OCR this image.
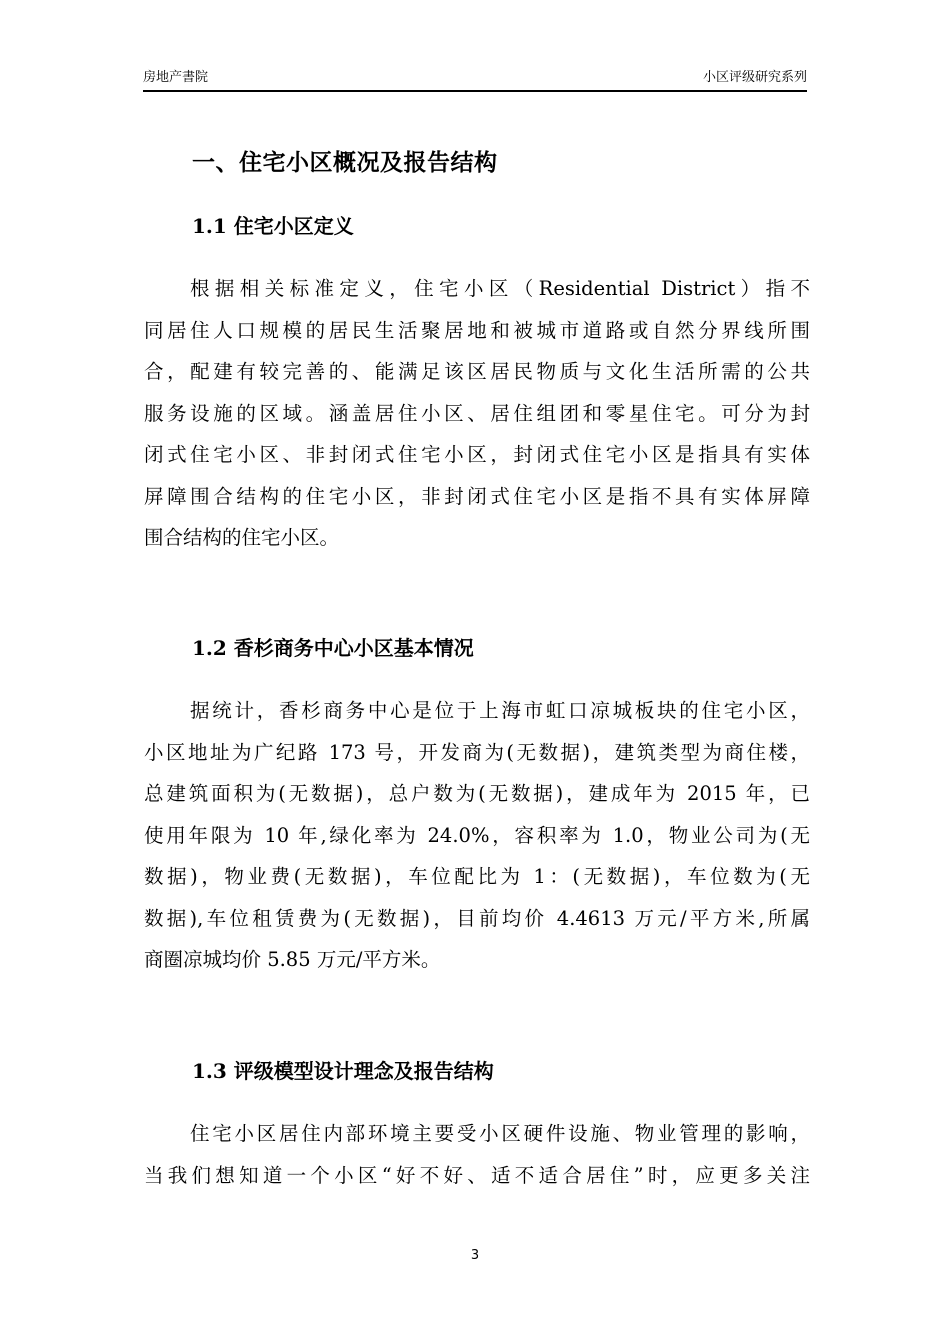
房地产書院	小区评级研究系列
一、住宅小区概况及报告结构
1.1 住宅小区定义
根据相关标准定义，住宅小区（Residential District）指不
同居住人口规模的居民生活聚居地和被城市道路或自然分界线所围
合，配建有较完善的、能满足该区居民物质与文化生活所需的公共
服务设施的区域。涵盖居住小区、居住组团和零星住宅。可分为封
闭式住宅小区、非封闭式住宅小区，封闭式住宅小区是指具有实体
屏障围合结构的住宅小区，非封闭式住宅小区是指不具有实体屏障
围合结构的住宅小区。
1.2 香杉商务中心小区基本情况
据统计，香杉商务中心是位于上海市虹口凉城板块的住宅小区，
小区地址为广纪路 173 号，开发商为(无数据)，建筑类型为商住楼，
总建筑面积为(无数据)，总户数为(无数据)，建成年为 2015 年，已
使用年限为 10 年,绿化率为 24.0%，容积率为 1.0，物业公司为(无
数据)，物业费(无数据)，车位配比为 1：(无数据)，车位数为(无
数据),车位租赁费为(无数据)，目前均价 4.4613 万元/平方米,所属
商圈凉城均价 5.85 万元/平方米。
1.3 评级模型设计理念及报告结构
住宅小区居住内部环境主要受小区硬件设施、物业管理的影响，
当我们想知道一个小区“好不好、适不适合居住”时，应更多关注
3
